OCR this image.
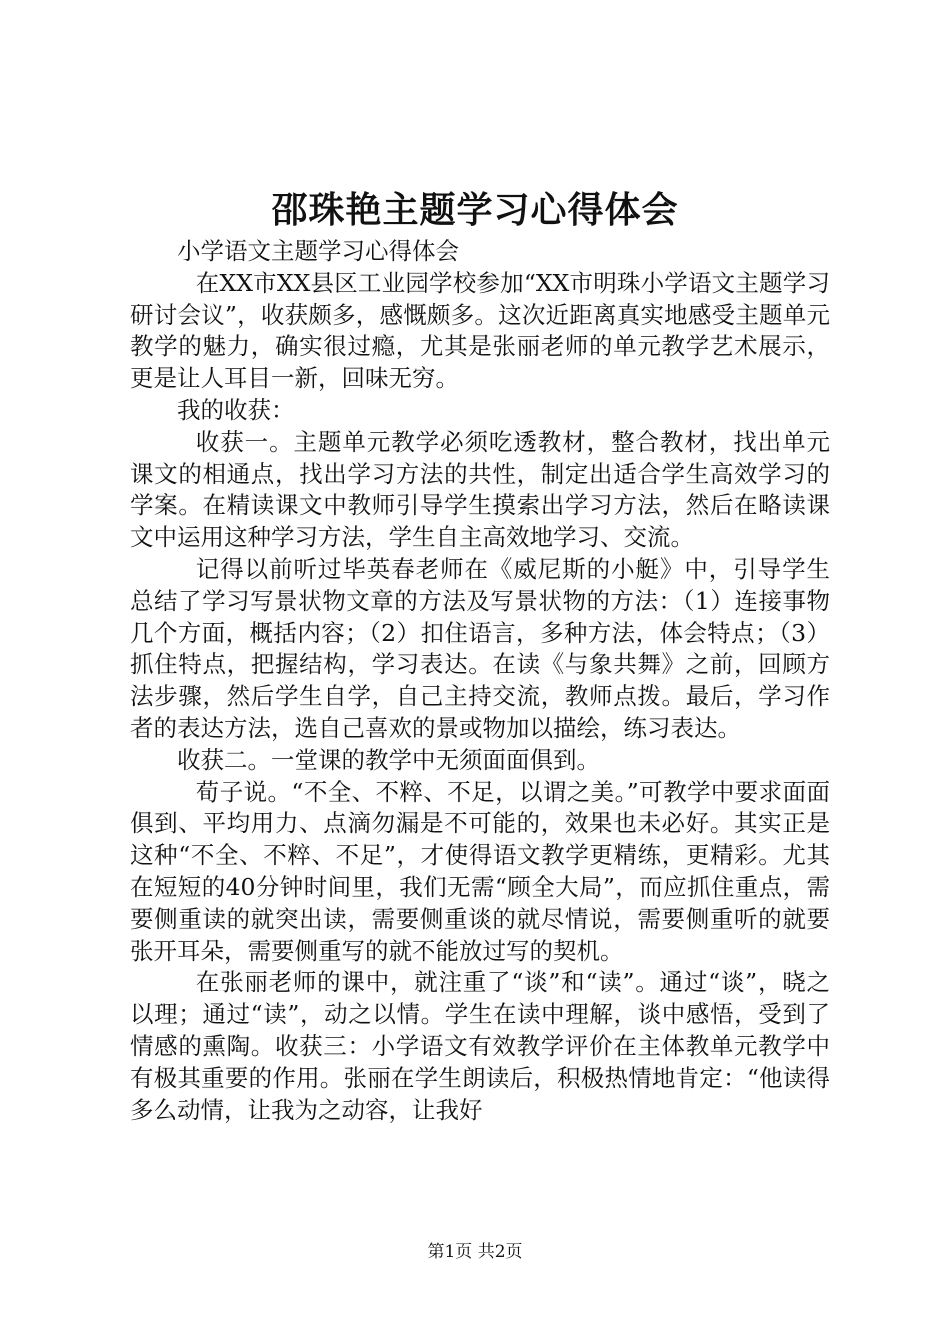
邵珠艳主题学习心得体会

小学语文主题学习心得体会

在XX市XX县区工业园学校参加“XX市明珠小学语文主题学习研讨会议”，收获颇多，感慨颇多。这次近距离真实地感受主题单元教学的魅力，确实很过瘾，尤其是张丽老师的单元教学艺术展示，更是让人耳目一新，回味无穷。

我的收获：

收获一。主题单元教学必须吃透教材，整合教材，找出单元课文的相通点，找出学习方法的共性，制定出适合学生高效学习的学案。在精读课文中教师引导学生摸索出学习方法，然后在略读课文中运用这种学习方法，学生自主高效地学习、交流。

记得以前听过毕英春老师在《威尼斯的小艇》中，引导学生总结了学习写景状物文章的方法及写景状物的方法：（1）连接事物几个方面，概括内容；（2）扣住语言，多种方法，体会特点；（3）抓住特点，把握结构，学习表达。在读《与象共舞》之前，回顾方法步骤，然后学生自学，自己主持交流，教师点拨。最后，学习作者的表达方法，选自己喜欢的景或物加以描绘，练习表达。

收获二。一堂课的教学中无须面面俱到。

荀子说。“不全、不粹、不足，以谓之美。”可教学中要求面面俱到、平均用力、点滴勿漏是不可能的，效果也未必好。其实正是这种“不全、不粹、不足”，才使得语文教学更精练，更精彩。尤其在短短的40分钟时间里，我们无需“顾全大局”，而应抓住重点，需要侧重读的就突出读，需要侧重谈的就尽情说，需要侧重听的就要张开耳朵，需要侧重写的就不能放过写的契机。

在张丽老师的课中，就注重了“谈”和“读”。通过“谈”，晓之以理；通过“读”，动之以情。学生在读中理解，谈中感悟，受到了情感的熏陶。收获三：小学语文有效教学评价在主体教单元教学中有极其重要的作用。张丽在学生朗读后，积极热情地肯定：“他读得多么动情，让我为之动容，让我好

第1页 共2页
